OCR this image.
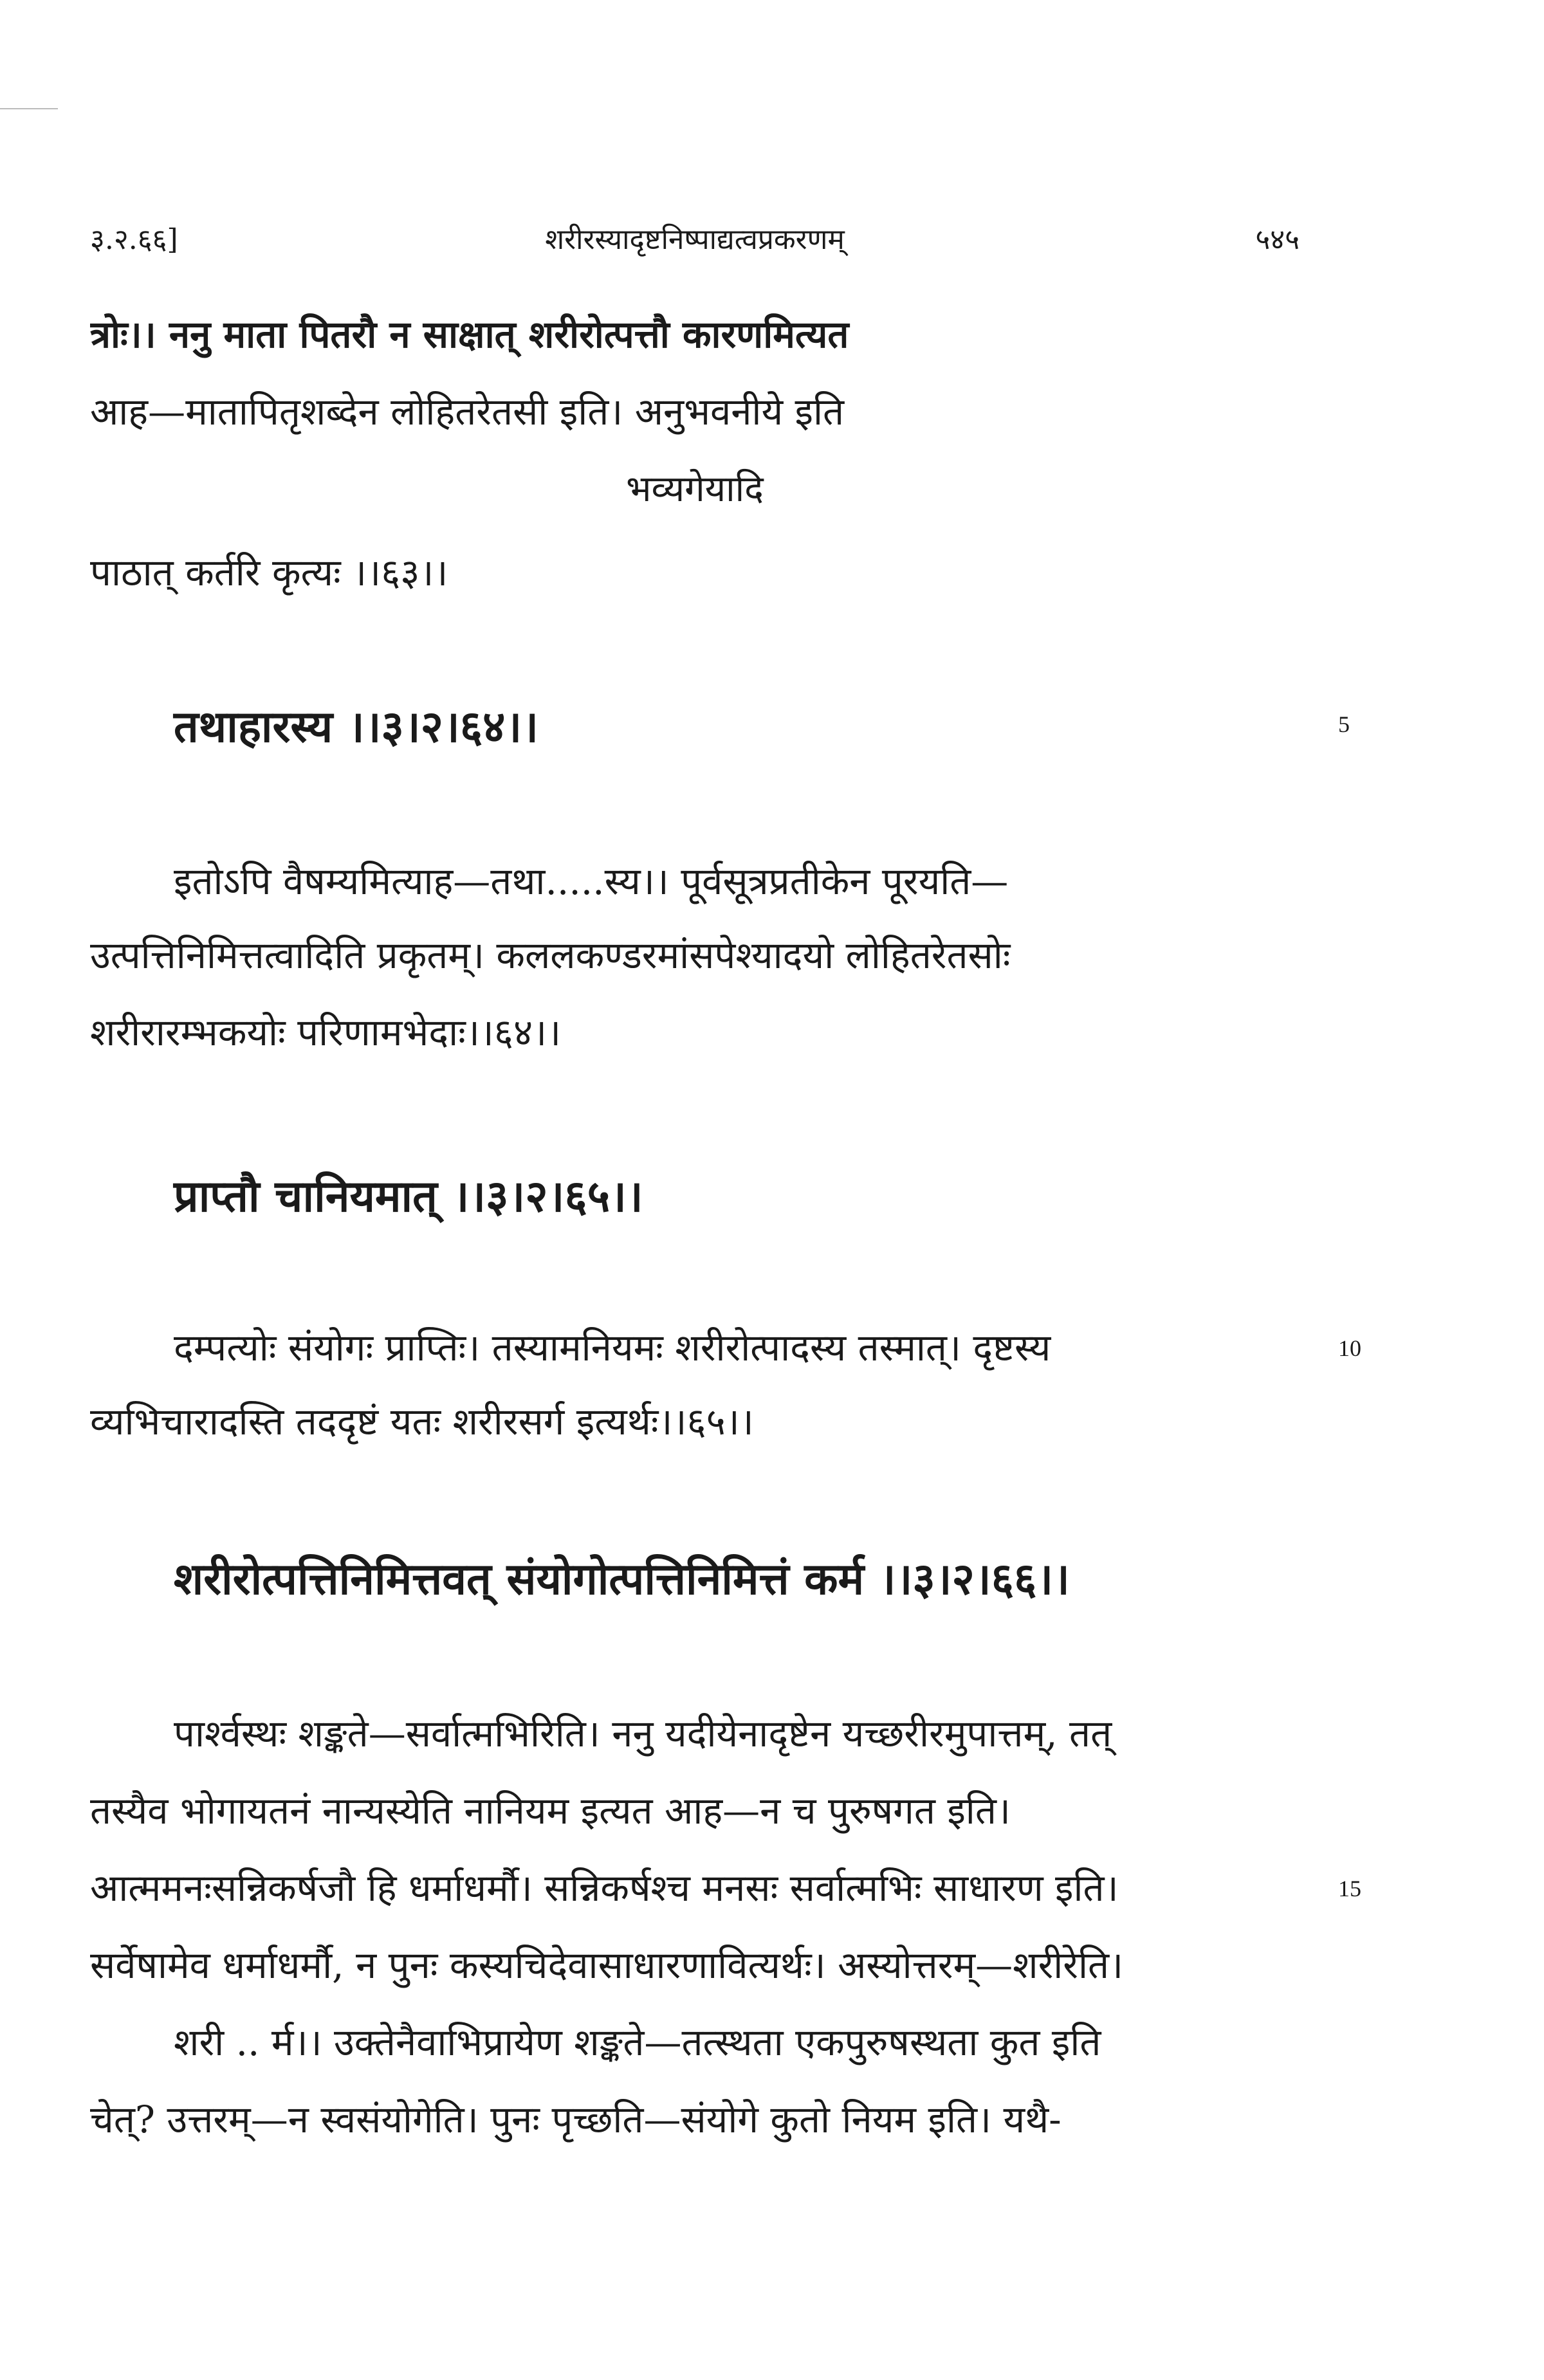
३.२.६६]	शरीरस्यादृष्टनिष्पाद्यत्वप्रकरणम्	५४५
त्रोः।। ननु माता पितरौ न साक्षात् शरीरोत्पत्तौ कारणमित्यत
आह—मातापितृशब्देन लोहितरेतसी इति। अनुभवनीये इति
भव्यगेयादि
पाठात् कर्तरि कृत्यः ।।६३।।
तथाहारस्य ।।३।२।६४।।	5
इतोऽपि वैषम्यमित्याह—तथा.....स्य।। पूर्वसूत्रप्रतीकेन पूरयति—
उत्पत्तिनिमित्तत्वादिति प्रकृतम्। कललकण्डरमांसपेश्यादयो लोहितरेतसोः
शरीरारम्भकयोः परिणामभेदाः।।६४।।
प्राप्तौ चानियमात् ।।३।२।६५।।
दम्पत्योः संयोगः प्राप्तिः। तस्यामनियमः शरीरोत्पादस्य तस्मात्। दृष्टस्य	10
व्यभिचारादस्ति तददृष्टं यतः शरीरसर्ग इत्यर्थः।।६५।।
शरीरोत्पत्तिनिमित्तवत् संयोगोत्पत्तिनिमित्तं कर्म ।।३।२।६६।।
पार्श्वस्थः शङ्कते—सर्वात्मभिरिति। ननु यदीयेनादृष्टेन यच्छरीरमुपात्तम्, तत्
तस्यैव भोगायतनं नान्यस्येति नानियम इत्यत आह—न च पुरुषगत इति।
आत्ममनःसन्निकर्षजौ हि धर्माधर्मौ। सन्निकर्षश्च मनसः सर्वात्मभिः साधारण इति।	15
सर्वेषामेव धर्माधर्मौ, न पुनः कस्यचिदेवासाधारणावित्यर्थः। अस्योत्तरम्—शरीरेति।
शरी .. र्म।। उक्तेनैवाभिप्रायेण शङ्कते—तत्स्थता एकपुरुषस्थता कुत इति
चेत्? उत्तरम्—न स्वसंयोगेति। पुनः पृच्छति—संयोगे कुतो नियम इति। यथै-
